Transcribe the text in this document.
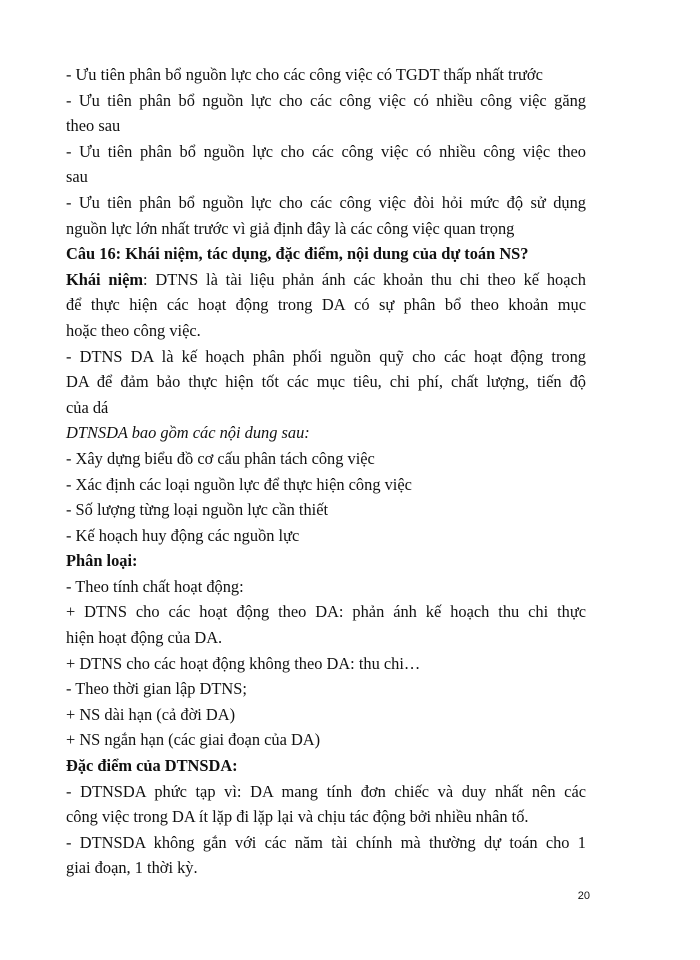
- Ưu tiên phân bổ nguồn lực cho các công việc có TGDT thấp nhất trước

- Ưu tiên phân bổ nguồn lực cho các công việc có nhiều công việc găng

theo sau

- Ưu tiên phân bổ nguồn lực cho các công việc có nhiều công việc theo

sau

- Ưu tiên phân bổ nguồn lực cho các công việc đòi hỏi mức độ sử dụng

nguồn lực lớn nhất trước vì giả định đây là các công việc quan trọng

Câu 16: Khái niệm, tác dụng, đặc điểm, nội dung của dự toán NS?

Khái niệm: DTNS là tài liệu phản ánh các khoản thu chi theo kế hoạch

để thực hiện các hoạt động trong DA có sự phân bổ theo khoản mục

hoặc theo công việc.

- DTNS DA là kế hoạch phân phối nguồn quỹ cho các hoạt động trong

DA để đảm bảo thực hiện tốt các mục tiêu, chi phí, chất lượng, tiến độ

của dá

DTNSDA bao gồm các nội dung sau:

- Xây dựng biểu đồ cơ cấu phân tách công việc

- Xác định các loại nguồn lực để thực hiện công việc

- Số lượng từng loại nguồn lực cần thiết

- Kế hoạch huy động các nguồn lực

Phân loại:

- Theo tính chất hoạt động:

+ DTNS cho các hoạt động theo DA: phản ánh kế hoạch thu chi thực

hiện hoạt động của DA.

+ DTNS cho các hoạt động không theo DA: thu chi…

- Theo thời gian lập DTNS;

+ NS dài hạn (cả đời DA)

+ NS ngắn hạn (các giai đoạn của DA)

Đặc điểm của DTNSDA:

- DTNSDA phức tạp vì: DA mang tính đơn chiếc và duy nhất nên các

công việc trong DA ít lặp đi lặp lại và chịu tác động bởi nhiều nhân tố.

- DTNSDA không gắn với các năm tài chính mà thường dự toán cho 1

giai đoạn, 1 thời kỳ.

20
